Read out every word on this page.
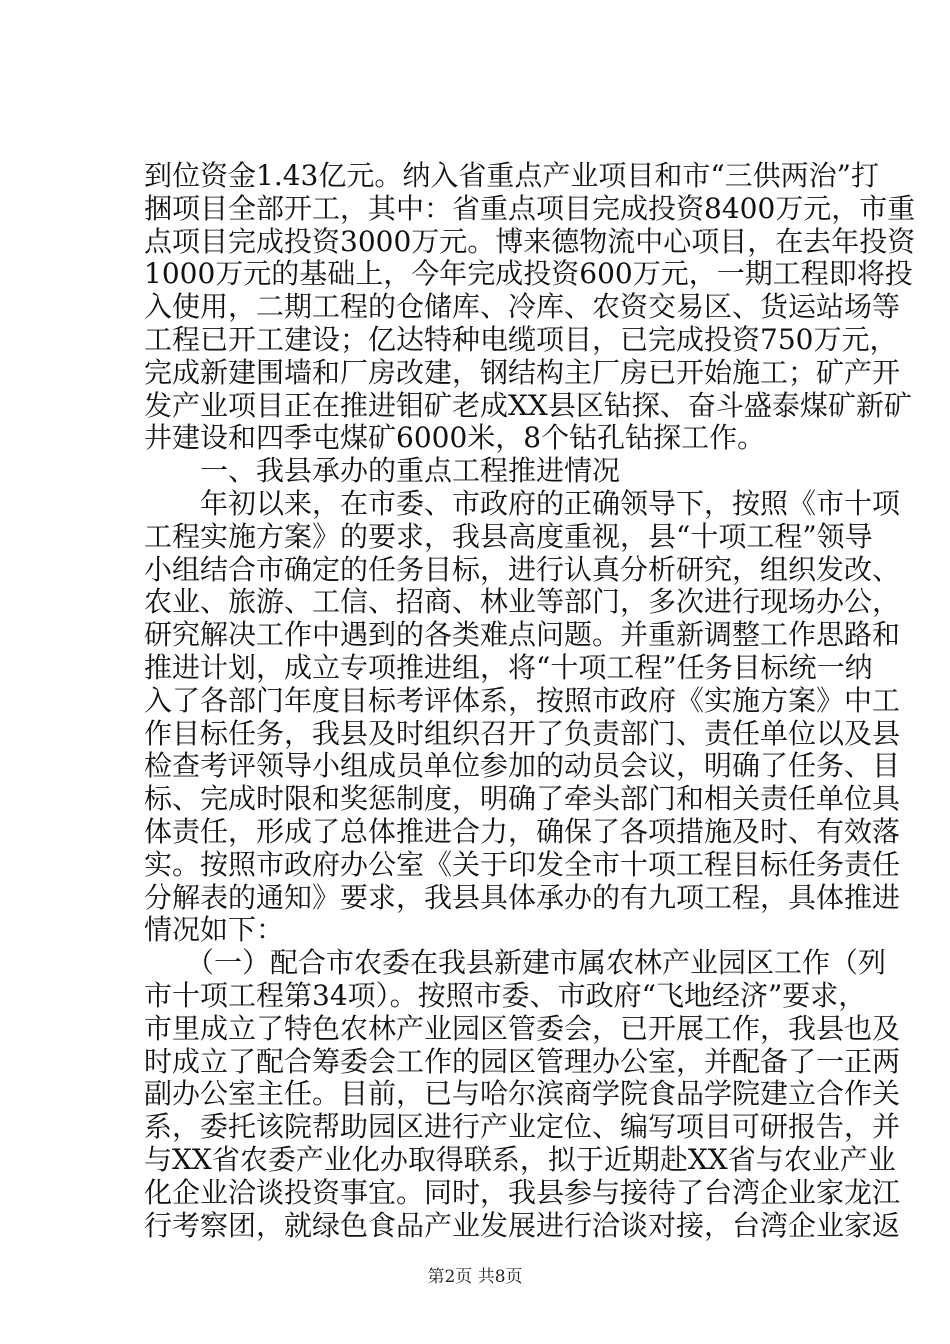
到位资金1.43亿元。纳入省重点产业项目和市“三供两治”打
捆项目全部开工，其中：省重点项目完成投资8400万元，市重
点项目完成投资3000万元。博来德物流中心项目，在去年投资
1000万元的基础上，今年完成投资600万元，一期工程即将投
入使用，二期工程的仓储库、冷库、农资交易区、货运站场等
工程已开工建设；亿达特种电缆项目，已完成投资750万元，
完成新建围墙和厂房改建，钢结构主厂房已开始施工；矿产开
发产业项目正在推进钼矿老成XX县区钻探、奋斗盛泰煤矿新矿
井建设和四季屯煤矿6000米，8个钻孔钻探工作。
　　一、我县承办的重点工程推进情况
　　年初以来，在市委、市政府的正确领导下，按照《市十项
工程实施方案》的要求，我县高度重视，县“十项工程”领导
小组结合市确定的任务目标，进行认真分析研究，组织发改、
农业、旅游、工信、招商、林业等部门，多次进行现场办公，
研究解决工作中遇到的各类难点问题。并重新调整工作思路和
推进计划，成立专项推进组，将“十项工程”任务目标统一纳
入了各部门年度目标考评体系，按照市政府《实施方案》中工
作目标任务，我县及时组织召开了负责部门、责任单位以及县
检查考评领导小组成员单位参加的动员会议，明确了任务、目
标、完成时限和奖惩制度，明确了牵头部门和相关责任单位具
体责任，形成了总体推进合力，确保了各项措施及时、有效落
实。按照市政府办公室《关于印发全市十项工程目标任务责任
分解表的通知》要求，我县具体承办的有九项工程，具体推进
情况如下：
　　（一）配合市农委在我县新建市属农林产业园区工作（列
市十项工程第34项）。按照市委、市政府“飞地经济”要求，
市里成立了特色农林产业园区管委会，已开展工作，我县也及
时成立了配合筹委会工作的园区管理办公室，并配备了一正两
副办公室主任。目前，已与哈尔滨商学院食品学院建立合作关
系，委托该院帮助园区进行产业定位、编写项目可研报告，并
与XX省农委产业化办取得联系，拟于近期赴XX省与农业产业
化企业洽谈投资事宜。同时，我县参与接待了台湾企业家龙江
行考察团，就绿色食品产业发展进行洽谈对接，台湾企业家返
第2页 共8页
